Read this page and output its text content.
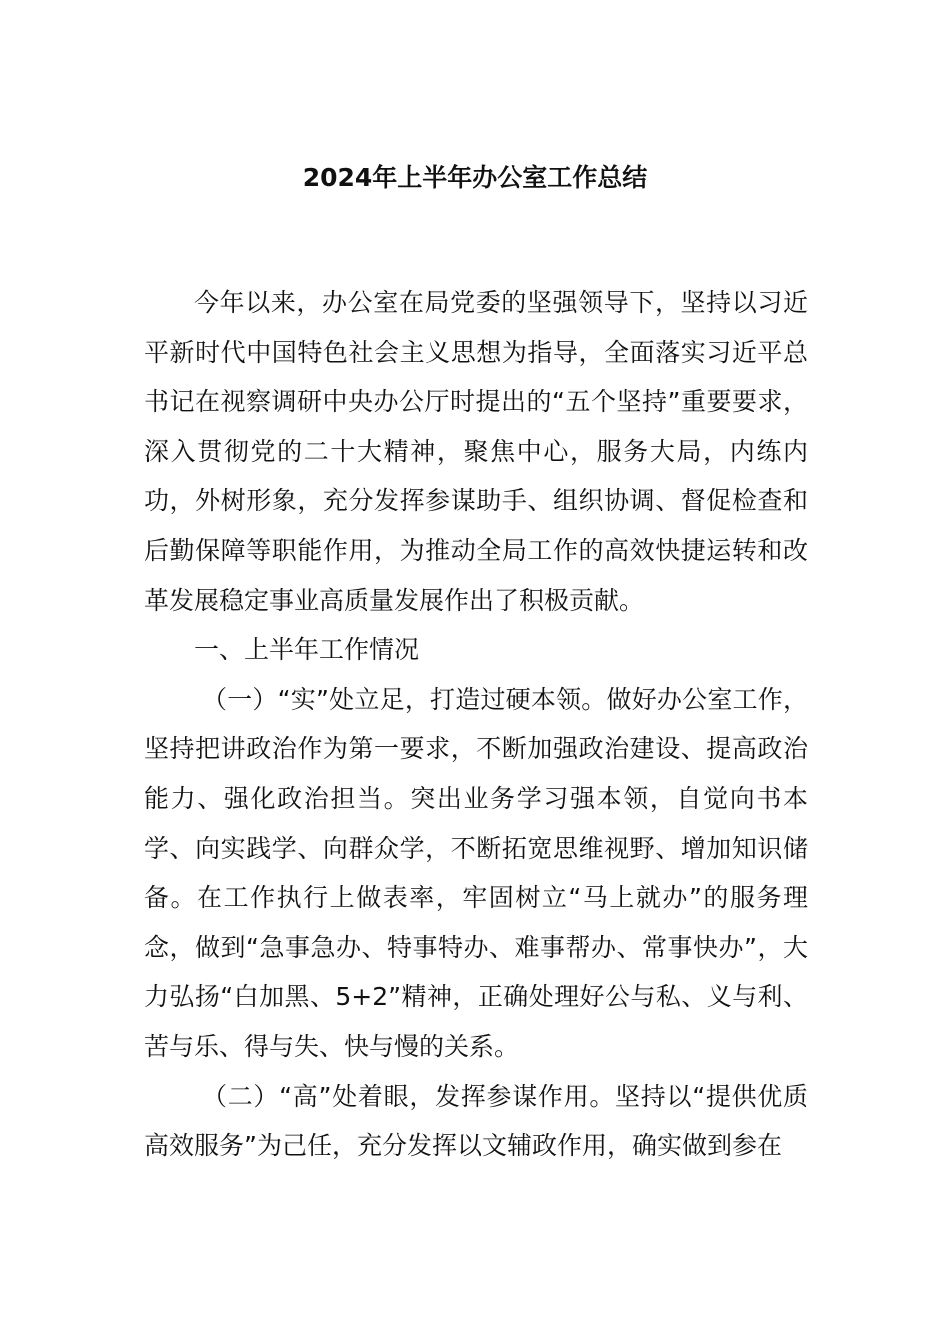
2024年上半年办公室工作总结

今年以来，办公室在局党委的坚强领导下，坚持以习近平新时代中国特色社会主义思想为指导，全面落实习近平总书记在视察调研中央办公厅时提出的“五个坚持”重要要求，深入贯彻党的二十大精神，聚焦中心，服务大局，内练内功，外树形象，充分发挥参谋助手、组织协调、督促检查和后勤保障等职能作用，为推动全局工作的高效快捷运转和改革发展稳定事业高质量发展作出了积极贡献。

一、上半年工作情况

（一）“实”处立足，打造过硬本领。做好办公室工作，坚持把讲政治作为第一要求，不断加强政治建设、提高政治能力、强化政治担当。突出业务学习强本领，自觉向书本学、向实践学、向群众学，不断拓宽思维视野、增加知识储备。在工作执行上做表率，牢固树立“马上就办”的服务理念，做到“急事急办、特事特办、难事帮办、常事快办”，大力弘扬“白加黑、5+2”精神，正确处理好公与私、义与利、苦与乐、得与失、快与慢的关系。

（二）“高”处着眼，发挥参谋作用。坚持以“提供优质高效服务”为己任，充分发挥以文辅政作用，确实做到参在
